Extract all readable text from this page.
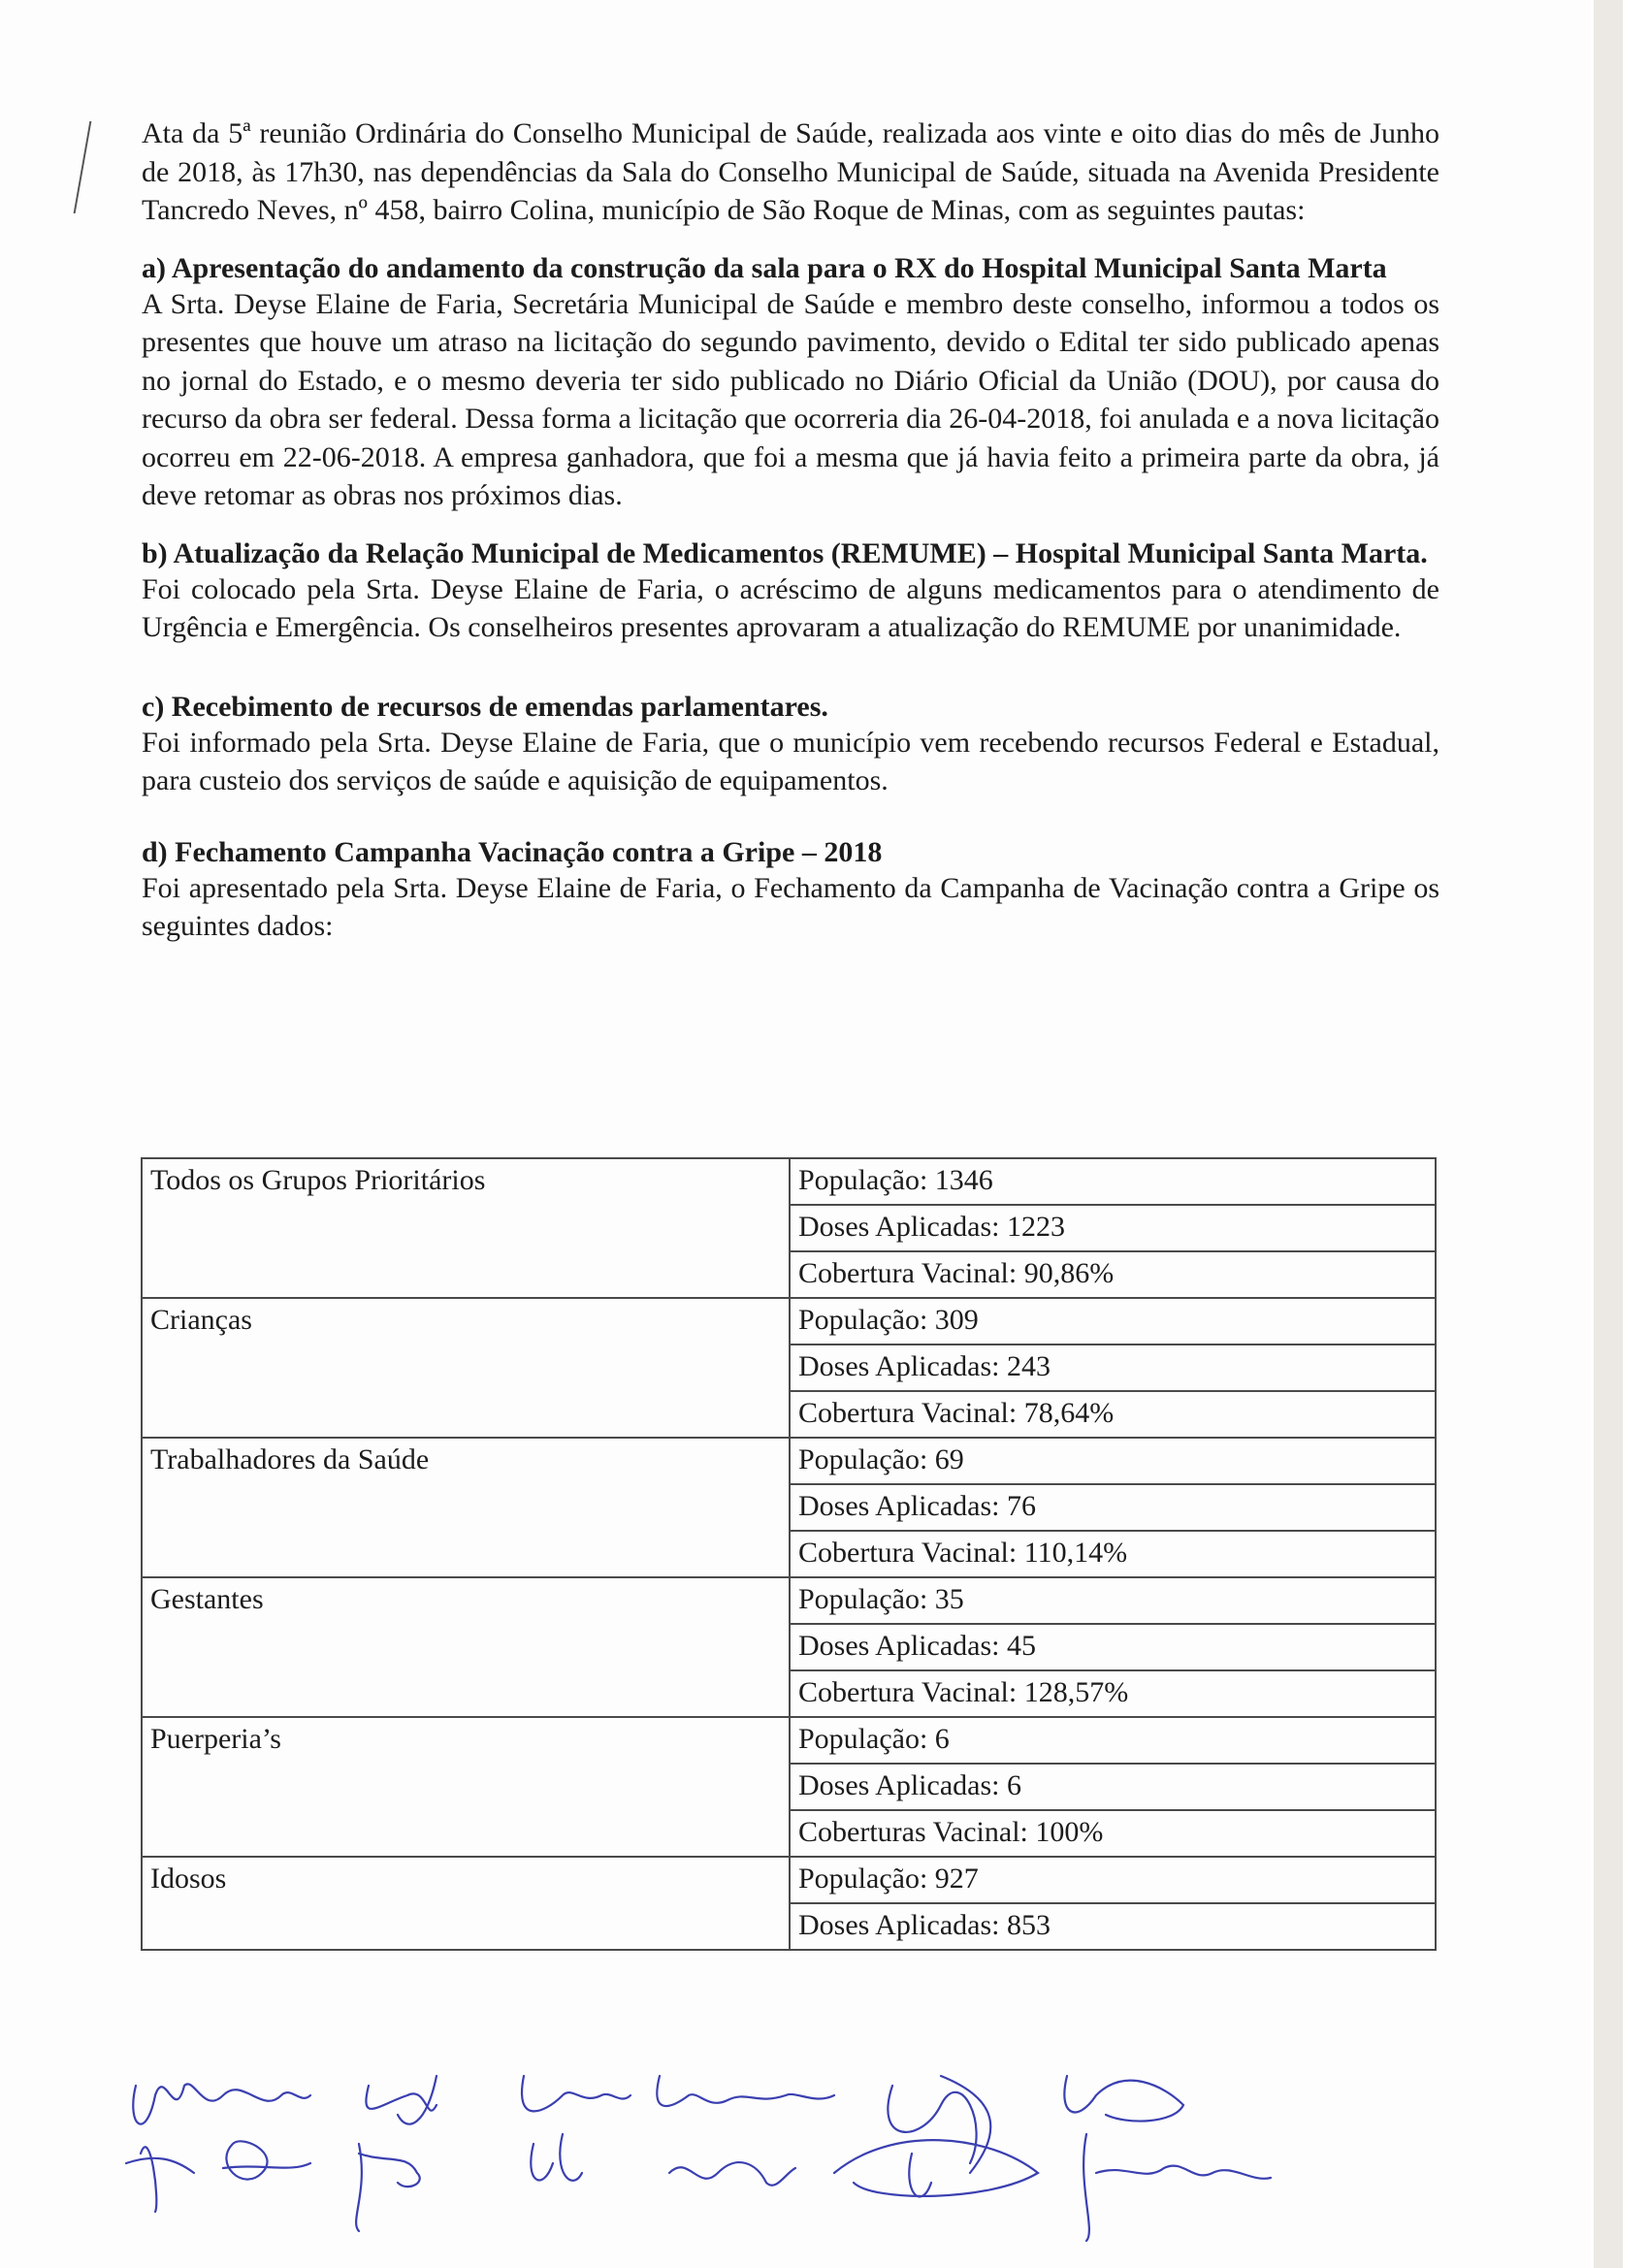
Ata da 5ª reunião Ordinária do Conselho Municipal de Saúde, realizada aos vinte e oito dias do mês de Junho de 2018, às 17h30, nas dependências da Sala do Conselho Municipal de Saúde, situada na Avenida Presidente Tancredo Neves, nº 458, bairro Colina, município de São Roque de Minas, com as seguintes pautas:

a) Apresentação do andamento da construção da sala para o RX do Hospital Municipal Santa Marta

A Srta. Deyse Elaine de Faria, Secretária Municipal de Saúde e membro deste conselho, informou a todos os presentes que houve um atraso na licitação do segundo pavimento, devido o Edital ter sido publicado apenas no jornal do Estado, e o mesmo deveria ter sido publicado no Diário Oficial da União (DOU), por causa do recurso da obra ser federal. Dessa forma a licitação que ocorreria dia 26-04-2018, foi anulada e a nova licitação ocorreu em 22-06-2018. A empresa ganhadora, que foi a mesma que já havia feito a primeira parte da obra, já deve retomar as obras nos próximos dias.

b) Atualização da Relação Municipal de Medicamentos (REMUME) – Hospital Municipal Santa Marta.

Foi colocado pela Srta. Deyse Elaine de Faria, o acréscimo de alguns medicamentos para o atendimento de Urgência e Emergência. Os conselheiros presentes aprovaram a atualização do REMUME por unanimidade.

c) Recebimento de recursos de emendas parlamentares.

Foi informado pela Srta. Deyse Elaine de Faria, que o município vem recebendo recursos Federal e Estadual, para custeio dos serviços de saúde e aquisição de equipamentos.

d) Fechamento Campanha Vacinação contra a Gripe – 2018

Foi apresentado pela Srta. Deyse Elaine de Faria, o Fechamento da Campanha de Vacinação contra a Gripe os seguintes dados:

Todos os Grupos Prioritários	População: 1346
	Doses Aplicadas: 1223
	Cobertura Vacinal: 90,86%
Crianças	População: 309
	Doses Aplicadas: 243
	Cobertura Vacinal: 78,64%
Trabalhadores da Saúde	População: 69
	Doses Aplicadas: 76
	Cobertura Vacinal: 110,14%
Gestantes	População: 35
	Doses Aplicadas: 45
	Cobertura Vacinal: 128,57%
Puerperia’s	População: 6
	Doses Aplicadas: 6
	Coberturas Vacinal: 100%
Idosos	População: 927
	Doses Aplicadas: 853
